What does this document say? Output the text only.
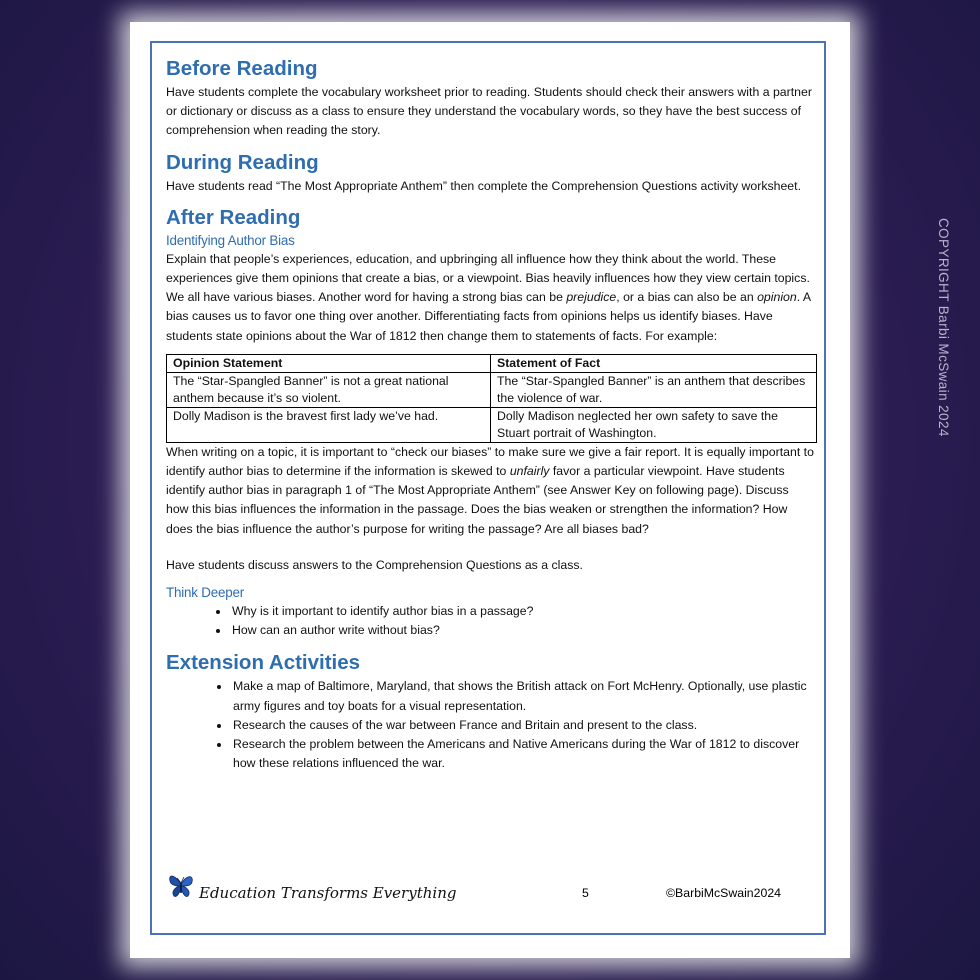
COPYRIGHT Barbi McSwain 2024
Before Reading

Have students complete the vocabulary worksheet prior to reading. Students should check their answers with a partner or dictionary or discuss as a class to ensure they understand the vocabulary words, so they have the best success of comprehension when reading the story.

During Reading

Have students read “The Most Appropriate Anthem” then complete the Comprehension Questions activity worksheet.

After Reading
Identifying Author Bias

Explain that people’s experiences, education, and upbringing all influence how they think about the world. These experiences give them opinions that create a bias, or a viewpoint. Bias heavily influences how they view certain topics. We all have various biases. Another word for having a strong bias can be prejudice, or a bias can also be an opinion. A bias causes us to favor one thing over another. Differentiating facts from opinions helps us identify biases. Have students state opinions about the War of 1812 then change them to statements of facts. For example:

Opinion Statement	Statement of Fact
The “Star-Spangled Banner” is not a great national anthem because it’s so violent.	The “Star-Spangled Banner” is an anthem that describes the violence of war.
Dolly Madison is the bravest first lady we’ve had.	Dolly Madison neglected her own safety to save the Stuart portrait of Washington.

When writing on a topic, it is important to “check our biases” to make sure we give a fair report. It is equally important to identify author bias to determine if the information is skewed to unfairly favor a particular viewpoint. Have students identify author bias in paragraph 1 of “The Most Appropriate Anthem” (see Answer Key on following page). Discuss how this bias influences the information in the passage. Does the bias weaken or strengthen the information? How does the bias influence the author’s purpose for writing the passage? Are all biases bad?

Have students discuss answers to the Comprehension Questions as a class.

Think Deeper
• Why is it important to identify author bias in a passage?
• How can an author write without bias?
Extension Activities
• Make a map of Baltimore, Maryland, that shows the British attack on Fort McHenry. Optionally, use plastic army figures and toy boats for a visual representation.
• Research the causes of the war between France and Britain and present to the class.
• Research the problem between the Americans and Native Americans during the War of 1812 to discover how these relations influenced the war.
Education Transforms Everything	5	©BarbiMcSwain2024
